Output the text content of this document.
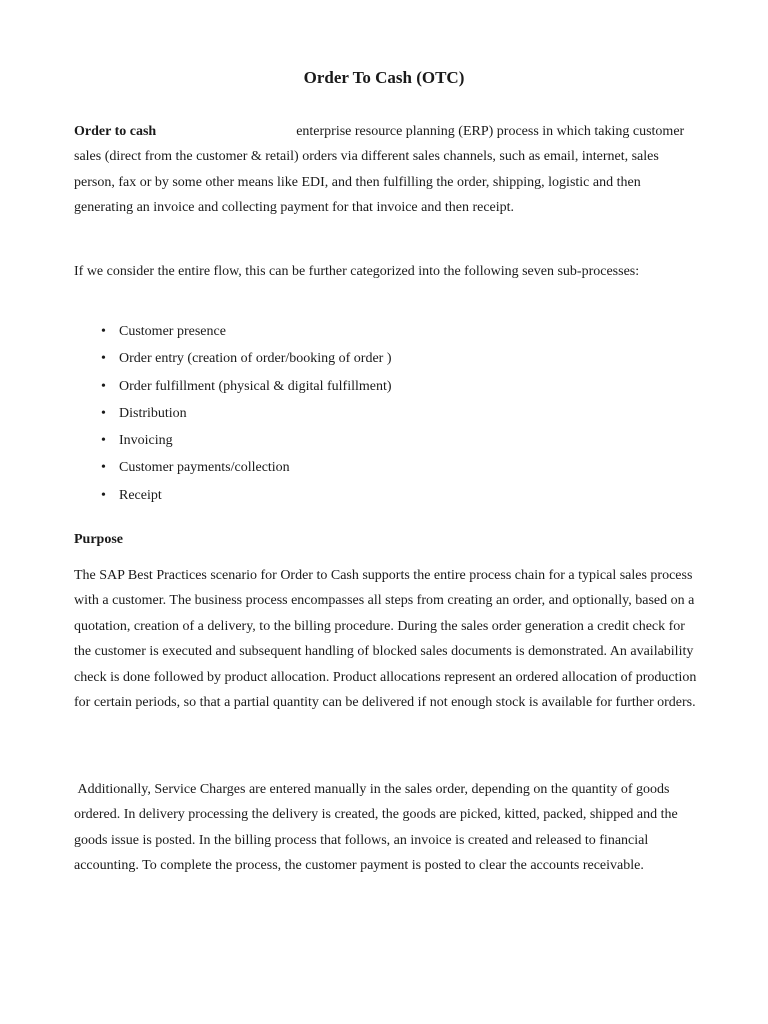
Order To Cash (OTC)

Order to cash	enterprise resource planning (ERP) process in which taking customer sales (direct from the customer & retail) orders via different sales channels, such as email, internet, sales person, fax or by some other means like EDI, and then fulfilling the order, shipping, logistic and then generating an invoice and collecting payment for that invoice and then receipt.

If we consider the entire flow, this can be further categorized into the following seven sub-processes:

• Customer presence
• Order entry (creation of order/booking of order )
• Order fulfillment (physical & digital fulfillment)
• Distribution
• Invoicing
• Customer payments/collection
• Receipt
Purpose

The SAP Best Practices scenario for Order to Cash supports the entire process chain for a typical sales process with a customer. The business process encompasses all steps from creating an order, and optionally, based on a quotation, creation of a delivery, to the billing procedure. During the sales order generation a credit check for the customer is executed and subsequent handling of blocked sales documents is demonstrated. An availability check is done followed by product allocation. Product allocations represent an ordered allocation of production for certain periods, so that a partial quantity can be delivered if not enough stock is available for further orders.

Additionally, Service Charges are entered manually in the sales order, depending on the quantity of goods ordered. In delivery processing the delivery is created, the goods are picked, kitted, packed, shipped and the goods issue is posted. In the billing process that follows, an invoice is created and released to financial accounting. To complete the process, the customer payment is posted to clear the accounts receivable.
